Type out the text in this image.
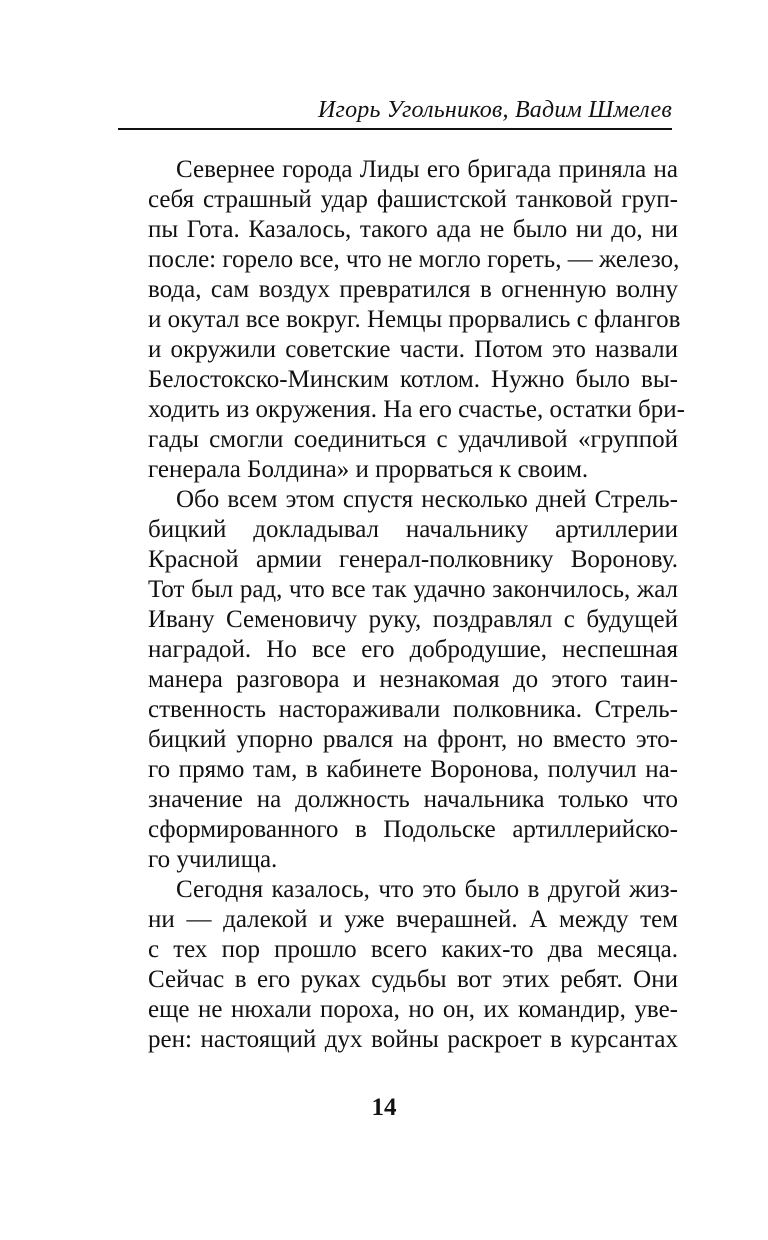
Игорь Угольников, Вадим Шмелев
Севернее города Лиды его бригада приняла на
себя страшный удар фашистской танковой груп-
пы Гота. Казалось, такого ада не было ни до, ни
после: горело все, что не могло гореть, — железо,
вода, сам воздух превратился в огненную волну
и окутал все вокруг. Немцы прорвались с флангов
и окружили советские части. Потом это назвали
Белостокско-Минским котлом. Нужно было вы-
ходить из окружения. На его счастье, остатки бри-
гады смогли соединиться с удачливой «группой
генерала Болдина» и прорваться к своим.
Обо всем этом спустя несколько дней Стрель-
бицкий докладывал начальнику артиллерии
Красной армии генерал-полковнику Воронову.
Тот был рад, что все так удачно закончилось, жал
Ивану Семеновичу руку, поздравлял с будущей
наградой. Но все его добродушие, неспешная
манера разговора и незнакомая до этого таин-
ственность настораживали полковника. Стрель-
бицкий упорно рвался на фронт, но вместо это-
го прямо там, в кабинете Воронова, получил на-
значение на должность начальника только что
сформированного в Подольске артиллерийско-
го училища.
Сегодня казалось, что это было в другой жиз-
ни — далекой и уже вчерашней. А между тем
с тех пор прошло всего каких-то два месяца.
Сейчас в его руках судьбы вот этих ребят. Они
еще не нюхали пороха, но он, их командир, уве-
рен: настоящий дух войны раскроет в курсантах
14
